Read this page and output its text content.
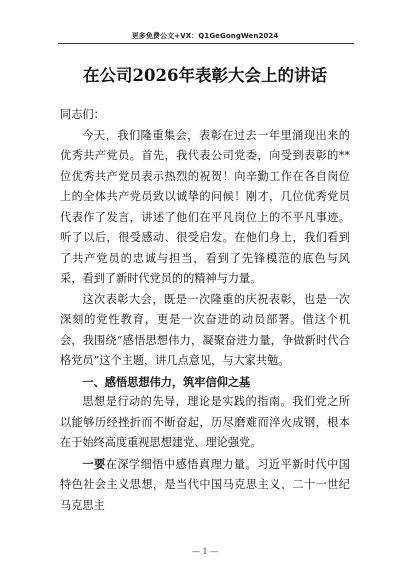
更多免费公文+VX：Q1GeGongWen2024
在公司2026年表彰大会上的讲话

同志们：

今天，我们隆重集会，表彰在过去一年里涌现出来的优秀共产党员。首先，我代表公司党委，向受到表彰的**位优秀共产党员表示热烈的祝贺！向辛勤工作在各自岗位上的全体共产党员致以诚挚的问候！刚才，几位优秀党员代表作了发言，讲述了他们在平凡岗位上的不平凡事迹。听了以后，很受感动、很受启发。在他们身上，我们看到了共产党员的忠诚与担当，看到了先锋模范的底色与风采，看到了新时代党员的的精神与力量。

这次表彰大会，既是一次隆重的庆祝表彰，也是一次深刻的党性教育，更是一次奋进的动员部署。借这个机会，我围绕“感悟思想伟力，凝聚奋进力量，争做新时代合格党员”这个主题，讲几点意见，与大家共勉。

一、感悟思想伟力，筑牢信仰之基

思想是行动的先导，理论是实践的指南。我们党之所以能够历经挫折而不断奋起，历尽磨难而淬火成钢，根本在于始终高度重视思想建党、理论强党。

一要在深学细悟中感悟真理力量。习近平新时代中国特色社会主义思想，是当代中国马克思主义、二十一世纪马克思主

— 1 —
